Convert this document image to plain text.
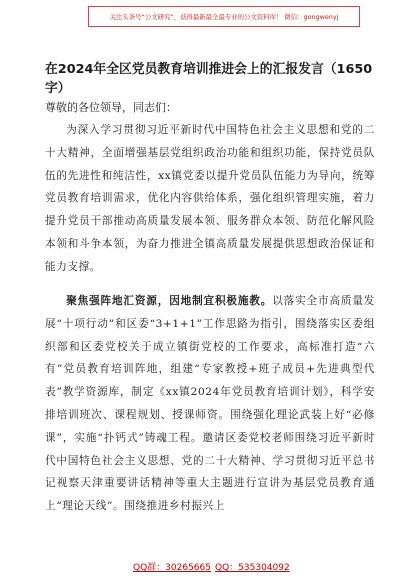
关注头条号“公文研究”，获得最新最全最专业的公文资料库！ 微信：gongwenyj
在2024年全区党员教育培训推进会上的汇报发言（1650字）

尊敬的各位领导，同志们：

为深入学习贯彻习近平新时代中国特色社会主义思想和党的二十大精神，全面增强基层党组织政治功能和组织功能，保持党员队伍的先进性和纯洁性，xx镇党委以提升党员队伍能力为导向，统筹党员教育培训需求，优化内容供给体系，强化组织管理实施，着力提升党员干部推动高质量发展本领、服务群众本领、防范化解风险本领和斗争本领，为奋力推进全镇高质量发展提供思想政治保证和能力支撑。

聚焦强阵地汇资源，因地制宜积极施教。以落实全市高质量发展“十项行动”和区委“3+1+1”工作思路为指引，围绕落实区委组织部和区委党校关于成立镇街党校的工作要求，高标准打造“六有”党员教育培训阵地，组建“专家教授+班子成员+先进典型代表”教学资源库，制定《xx镇2024年党员教育培训计划》，科学安排培训班次、课程规划、授课师资。围绕强化理论武装上好“必修课”，实施“扑钙式”铸魂工程。邀请区委党校老师围绕习近平新时代中国特色社会主义思想、党的二十大精神、学习贯彻习近平总书记视察天津重要讲话精神等重大主题进行宣讲为基层党员教育通上“理论天线”。围绕推进乡村振兴上

QQ群：30265665 QQ：535304092
